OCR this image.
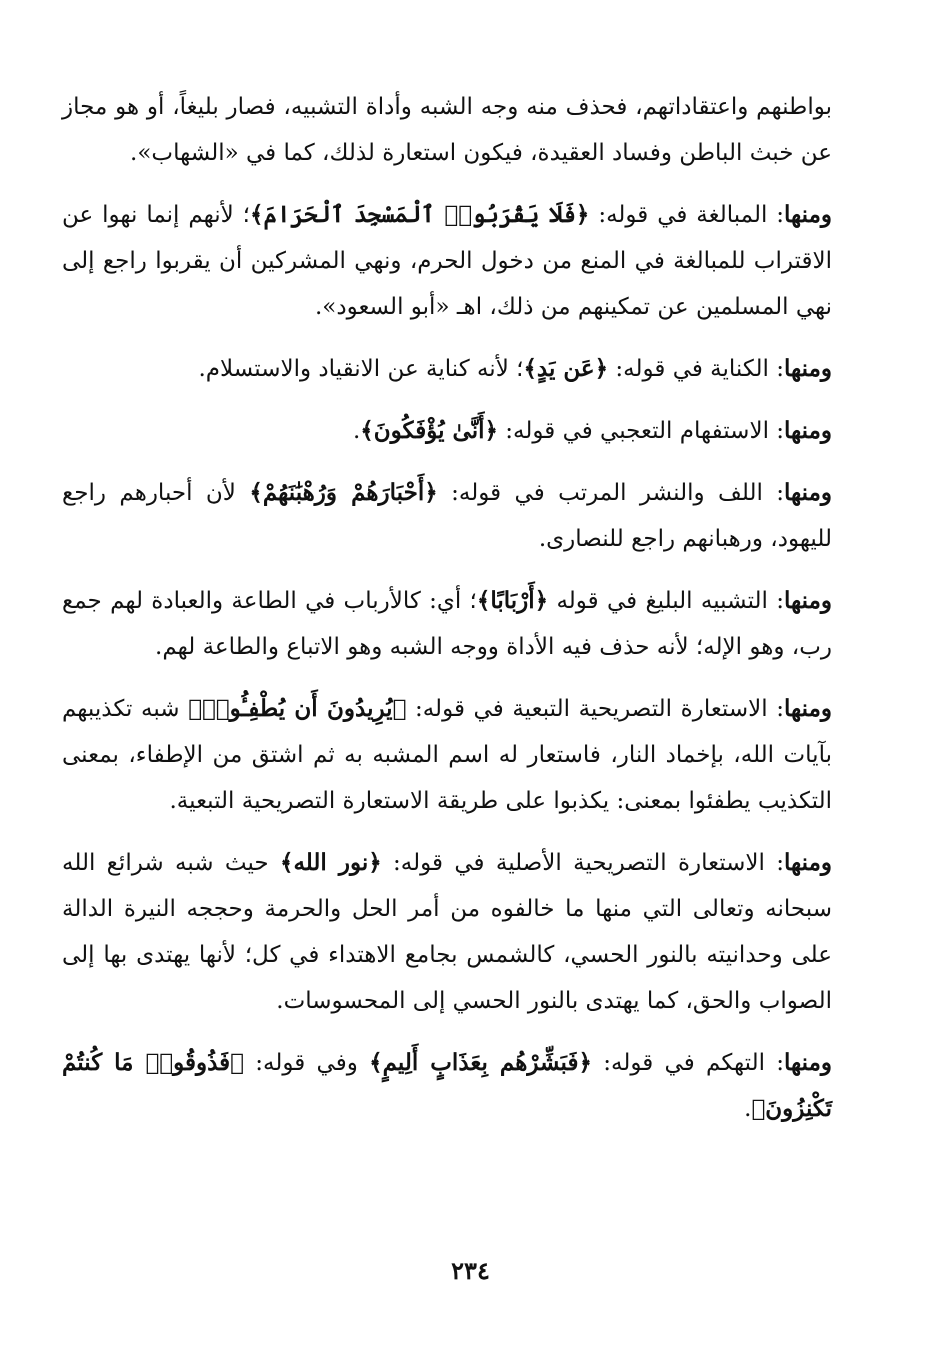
بواطنهم واعتقاداتهم، فحذف منه وجه الشبه وأداة التشبيه، فصار بليغاً، أو هو مجاز عن خبث الباطن وفساد العقيدة، فيكون استعارة لذلك، كما في «الشهاب».

ومنها: المبالغة في قوله: ﴿فَلَا يَقْرَبُوا۟ ٱلْمَسْجِدَ ٱلْحَرَامَ﴾؛ لأنهم إنما نهوا عن الاقتراب للمبالغة في المنع من دخول الحرم، ونهي المشركين أن يقربوا راجع إلى نهي المسلمين عن تمكينهم من ذلك، اهـ «أبو السعود».

ومنها: الكناية في قوله: ﴿عَن يَدٍ﴾؛ لأنه كناية عن الانقياد والاستسلام.

ومنها: الاستفهام التعجبي في قوله: ﴿أَنَّىٰ يُؤْفَكُونَ﴾.

ومنها: اللف والنشر المرتب في قوله: ﴿أَحْبَارَهُمْ وَرُهْبَٰنَهُمْ﴾ لأن أحبارهم راجع لليهود، ورهبانهم راجع للنصارى.

ومنها: التشبيه البليغ في قوله ﴿أَرْبَابًا﴾؛ أي: كالأرباب في الطاعة والعبادة لهم جمع رب، وهو الإله؛ لأنه حذف فيه الأداة ووجه الشبه وهو الاتباع والطاعة لهم.

ومنها: الاستعارة التصريحية التبعية في قوله: ﴿يُرِيدُونَ أَن يُطْفِـُٔوا۟﴾ شبه تكذيبهم بآيات الله، بإخماد النار، فاستعار له اسم المشبه به ثم اشتق من الإطفاء، بمعنى التكذيب يطفئوا بمعنى: يكذبوا على طريقة الاستعارة التصريحية التبعية.

ومنها: الاستعارة التصريحية الأصلية في قوله: ﴿نور الله﴾ حيث شبه شرائع الله سبحانه وتعالى التي منها ما خالفوه من أمر الحل والحرمة وحججه النيرة الدالة على وحدانيته بالنور الحسي، كالشمس بجامع الاهتداء في كل؛ لأنها يهتدى بها إلى الصواب والحق، كما يهتدى بالنور الحسي إلى المحسوسات.

ومنها: التهكم في قوله: ﴿فَبَشِّرْهُم بِعَذَابٍ أَلِيمٍ﴾ وفي قوله: ﴿فَذُوقُوا۟ مَا كُنتُمْ تَكْنِزُونَ﴾.

٢٣٤
